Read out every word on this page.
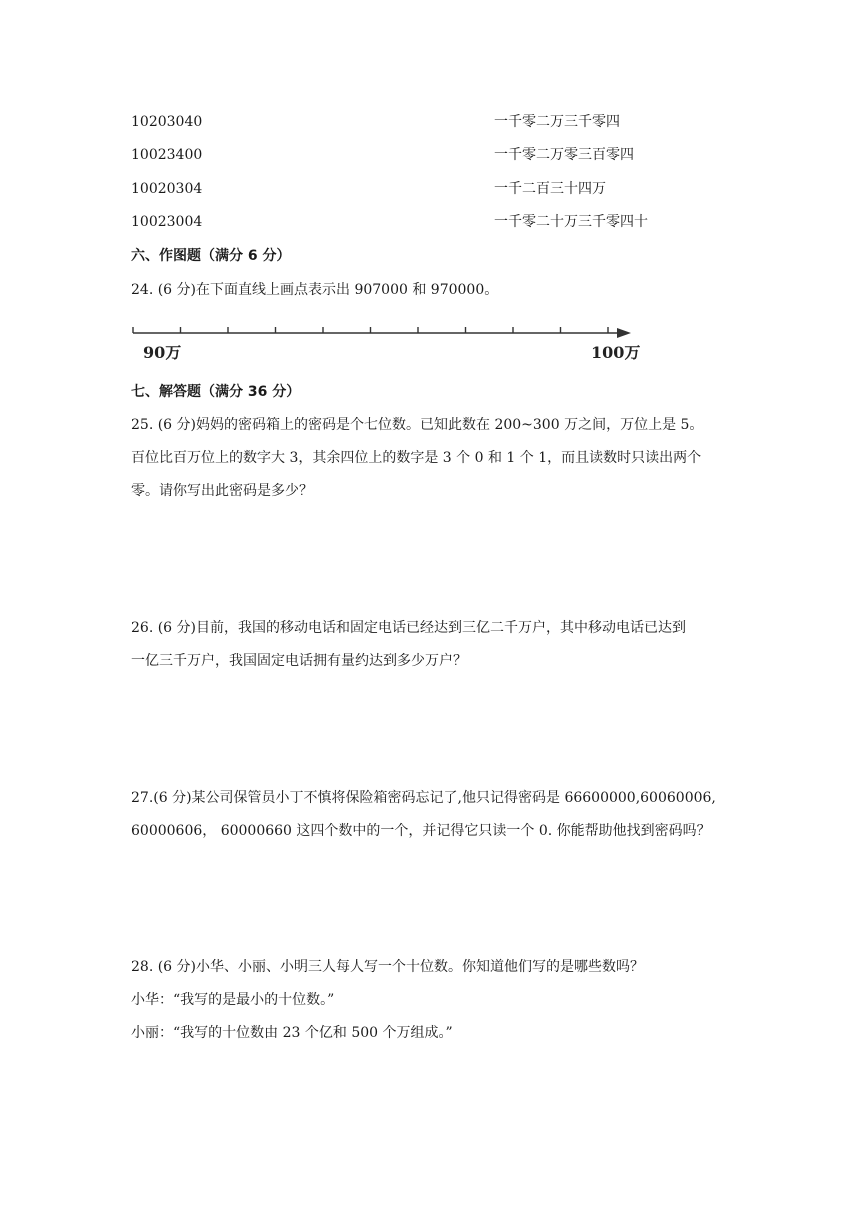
10203040	一千零二万三千零四
10023400	一千零二万零三百零四
10020304	一千二百三十四万
10023004	一千零二十万三千零四十
六、作图题（满分 6 分）
24. (6 分)在下面直线上画点表示出 907000 和 970000。
90万	100万
七、解答题（满分 36 分）
25. (6 分)妈妈的密码箱上的密码是个七位数。已知此数在 200~300 万之间，万位上是 5。
百位比百万位上的数字大 3，其余四位上的数字是 3 个 0 和 1 个 1，而且读数时只读出两个
零。请你写出此密码是多少？
26. (6 分)目前，我国的移动电话和固定电话已经达到三亿二千万户，其中移动电话已达到
一亿三千万户，我国固定电话拥有量约达到多少万户？
27.(6 分)某公司保管员小丁不慎将保险箱密码忘记了,他只记得密码是 66600000,60060006,
60000606， 60000660 这四个数中的一个，并记得它只读一个 0. 你能帮助他找到密码吗？
28. (6 分)小华、小丽、小明三人每人写一个十位数。你知道他们写的是哪些数吗？
小华：“我写的是最小的十位数。”
小丽：“我写的十位数由 23 个亿和 500 个万组成。”
